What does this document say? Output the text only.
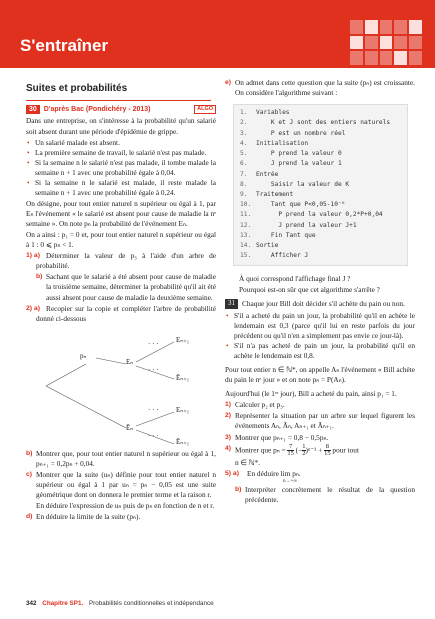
S'entraîner
Suites et probabilités
30	D'après Bac (Pondichéry - 2013)	ALGO

Dans une entreprise, on s'intéresse à la probabilité qu'un salarié soit absent durant une période d'épidémie de grippe.

• Un salarié malade est absent.
• La première semaine de travail, le salarié n'est pas malade.
• Si la semaine n le salarié n'est pas malade, il tombe malade la semaine n + 1 avec une probabilité égale à 0,04.
• Si la semaine n le salarié est malade, il reste malade la semaine n + 1 avec une probabilité égale à 0,24.

On désigne, pour tout entier naturel n supérieur ou égal à 1, par Eₙ l'événement « le salarié est absent pour cause de maladie la nᵉ semaine ». On note pₙ la probabilité de l'événement Eₙ.

On a ainsi : p₁ = 0 et, pour tout entier naturel n supérieur ou égal à 1 : 0 ⩽ pₙ < 1.

1) a) Déterminer la valeur de p₃ à l'aide d'un arbre de probabilité.
b) Sachant que le salarié a été absent pour cause de maladie la troisième semaine, déterminer la probabilité qu'il ait été aussi absent pour cause de maladie la deuxième semaine.
2) a) Recopier sur la copie et compléter l'arbre de probabilité donné ci-dessous
pₙ
Eₙ
Ēₙ
Eₙ₊₁
Ēₙ₊₁
Eₙ₊₁
Ēₙ₊₁
· · ·
· · ·
· · ·
· · ·
b) Montrer que, pour tout entier naturel n supérieur ou égal à 1, pₙ₊₁ = 0,2pₙ + 0,04.
c) Montrer que la suite (uₙ) définie pour tout entier naturel n supérieur ou égal à 1 par uₙ = pₙ − 0,05 est une suite géométrique dont on donnera le premier terme et la raison r.
En déduire l'expression de uₙ puis de pₙ en fonction de n et r.
d) En déduire la limite de la suite (pₙ).
e) On admet dans cette question que la suite (pₙ) est croissante. On considère l'algorithme suivant :
1.	Variables
2.	K et J sont des entiers naturels
3.	P est un nombre réel
4.	Initialisation
5.	P prend la valeur 0
6.	J prend la valeur 1
7.	Entrée
8.	Saisir la valeur de K
9.	Traitement
10. Tant que P<0,05-10⁻ᴷ
11. P prend la valeur 0,2*P+0,04
12. J prend la valeur J+1
13. Fin Tant que
14. Sortie
15. Afficher J

À quoi correspond l'affichage final J ?

Pourquoi est-on sûr que cet algorithme s'arrête ?

31 Chaque jour Bill doit décider s'il achète du pain ou non.
• S'il a acheté du pain un jour, la probabilité qu'il en achète le lendemain est 0,3 (parce qu'il lui en reste parfois du jour précédent ou qu'il n'en a simplement pas envie ce jour-là).
• S'il n'a pas acheté de pain un jour, la probabilité qu'il en achète le lendemain est 0,8.

Pour tout entier n ∈ ℕ*, on appelle Aₙ l'événement « Bill achète du pain le nᵉ jour » et on note pₙ = P(Aₙ).

Aujourd'hui (le 1ᵉʳ jour), Bill a acheté du pain, ainsi p₁ = 1.

1) Calculer p₂ et p₃.
2) Représenter la situation par un arbre sur lequel figurent les événements Aₙ, Āₙ, Aₙ₊₁ et Āₙ₊₁.
3) Montrer que pₙ₊₁ = 0,8 − 0,5pₙ.
4) Montrer que $p_n = \frac{7}{15}$ (− $\frac{1}{2} )^{n-1} + \frac{8}{15}$ pour tout
n ∈ ℕ*.
5) a) En déduire lim pₙ.
n→+∞
b) Interpréter concrètement le résultat de la question précédente.
342 Chapitre SP1. Probabilités conditionnelles et indépendance
